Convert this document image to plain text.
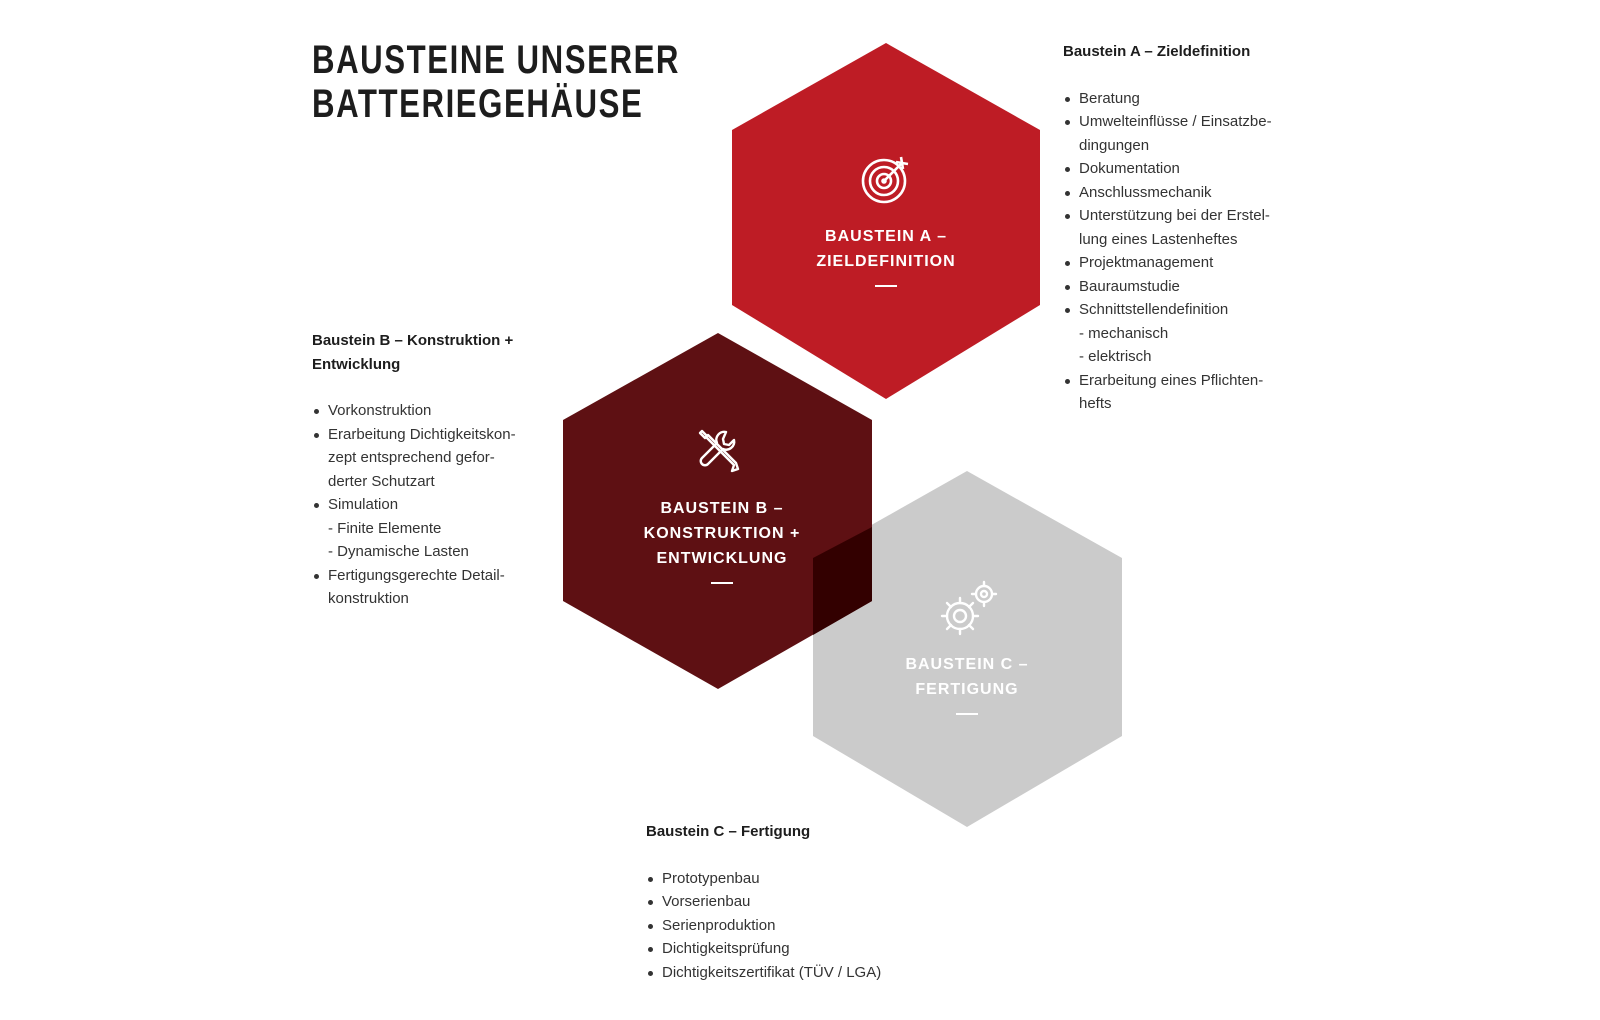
BAUSTEINE UNSERER
BATTERIEGEHÄUSE
BAUSTEIN A –
ZIELDEFINITION
BAUSTEIN B –
KONSTRUKTION +
ENTWICKLUNG
BAUSTEIN C –
FERTIGUNG
Baustein A – Zieldefinition
Beratung
Umwelteinflüsse / Einsatzbe-
dingungen
Dokumentation
Anschlussmechanik
Unterstützung bei der Erstel-
lung eines Lastenheftes
Projektmanagement
Bauraumstudie
Schnittstellendefinition
- mechanisch
- elektrisch
Erarbeitung eines Pflichten-
hefts
Baustein B – Konstruktion +
Entwicklung
Vorkonstruktion
Erarbeitung Dichtigkeitskon-
zept entsprechend gefor-
derter Schutzart
Simulation
- Finite Elemente
- Dynamische Lasten
Fertigungsgerechte Detail-
konstruktion
Baustein C – Fertigung
Prototypenbau
Vorserienbau
Serienproduktion
Dichtigkeitsprüfung
Dichtigkeitszertifikat (TÜV / LGA)
